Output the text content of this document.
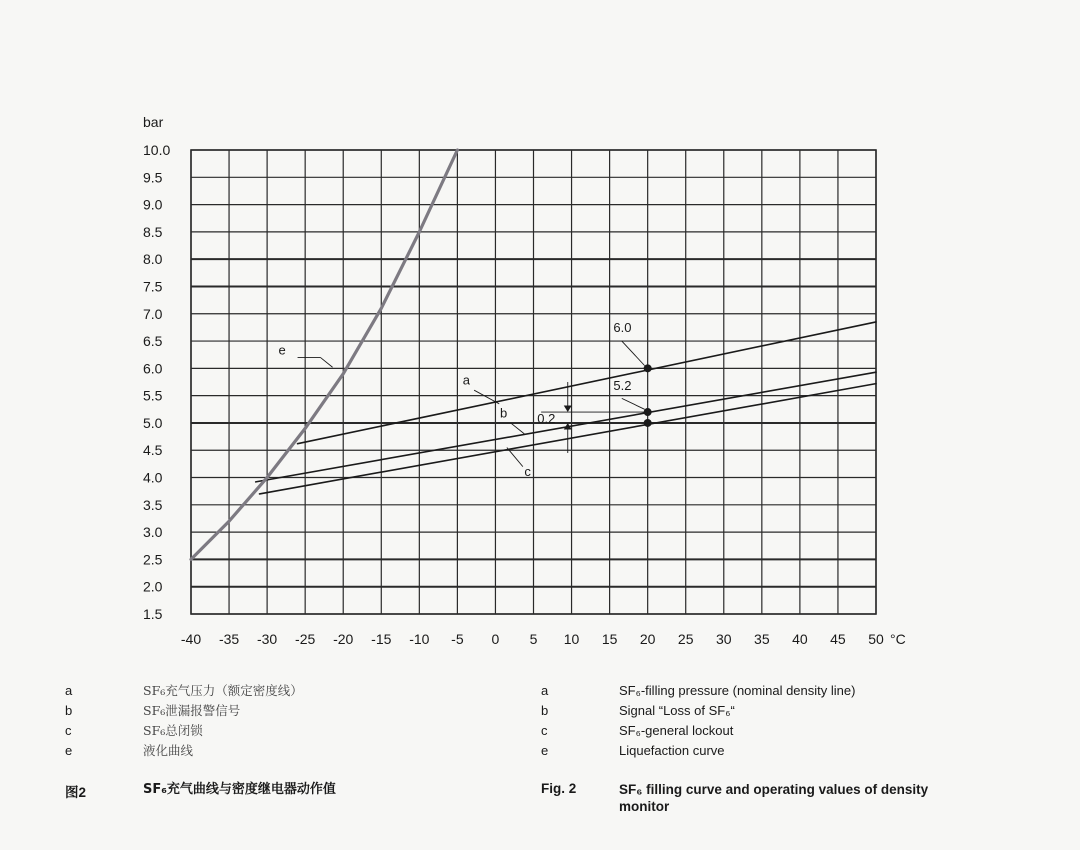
bar
1.5
2.0
2.5
3.0
3.5
4.0
4.5
5.0
5.5
6.0
6.5
7.0
7.5
8.0
8.5
9.0
9.5
10.0
-40 -35 -30 -25 -20 -15 -10 -5 0 5 10 15 20 25 30 35 40 45 50 °C
e
a
b
c
6.0
5.2
0.2
a	SF₆充气压力（额定密度线）
b	SF₆泄漏报警信号
c	SF₆总闭锁
e	液化曲线
a	SF₆-filling pressure (nominal density line)
b	Signal “Loss of SF₆“
c	SF₆-general lockout
e	Liquefaction curve
图2	SF₆充气曲线与密度继电器动作值	Fig. 2	SF₆ filling curve and operating values of density monitor
